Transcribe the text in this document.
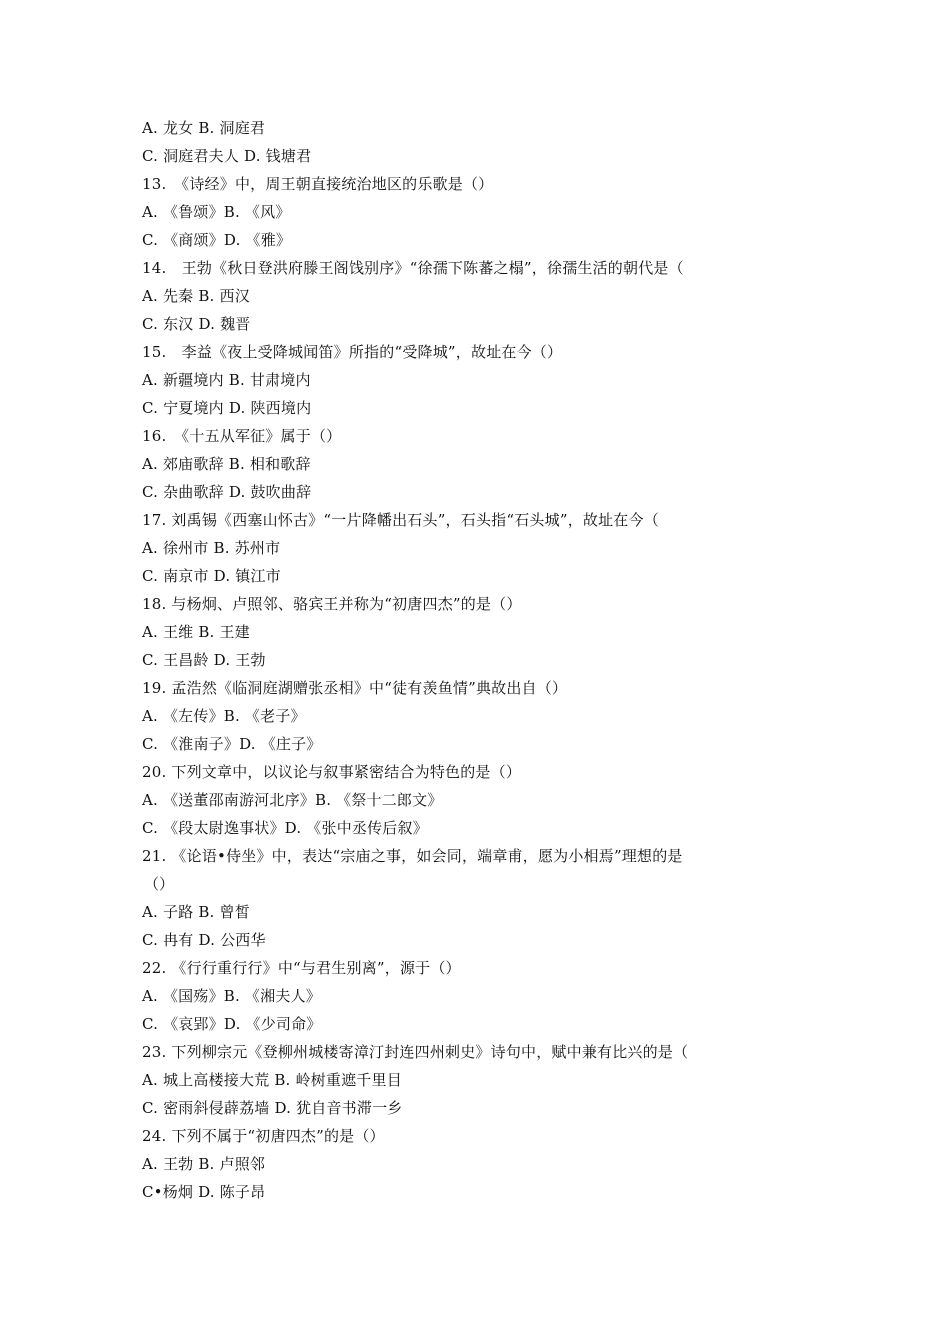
A. 龙女 B. 洞庭君
C. 洞庭君夫人 D. 钱塘君
13.　《诗经》中，周王朝直接统治地区的乐歌是（）
A. 《鲁颂》B. 《风》
C. 《商颂》D. 《雅》
14.　王勃《秋日登洪府滕王阁饯别序》“徐孺下陈蕃之榻”，徐孺生活的朝代是（
A. 先秦 B. 西汉
C. 东汉 D. 魏晋
15.　李益《夜上受降城闻笛》所指的“受降城”，故址在今（）
A. 新疆境内 B. 甘肃境内
C. 宁夏境内 D. 陕西境内
16.　《十五从军征》属于（）
A. 郊庙歌辞 B. 相和歌辞
C. 杂曲歌辞 D. 鼓吹曲辞
17. 刘禹锡《西塞山怀古》“一片降幡出石头”，石头指“石头城”，故址在今（
A. 徐州市 B. 苏州市
C. 南京市 D. 镇江市
18. 与杨炯、卢照邻、骆宾王并称为“初唐四杰”的是（）
A. 王维 B. 王建
C. 王昌龄 D. 王勃
19. 孟浩然《临洞庭湖赠张丞相》中“徒有羡鱼情”典故出自（）
A. 《左传》B. 《老子》
C. 《淮南子》D. 《庄子》
20. 下列文章中，以议论与叙事紧密结合为特色的是（）
A. 《送董邵南游河北序》B. 《祭十二郎文》
C. 《段太尉逸事状》D. 《张中丞传后叙》
21. 《论语•侍坐》中，表达“宗庙之事，如会同，端章甫，愿为小相焉”理想的是
（）
A. 子路 B. 曾皙
C. 冉有 D. 公西华
22. 《行行重行行》中“与君生别离”，源于（）
A. 《国殇》B. 《湘夫人》
C. 《哀郢》D. 《少司命》
23. 下列柳宗元《登柳州城楼寄漳汀封连四州刺史》诗句中，赋中兼有比兴的是（
A. 城上高楼接大荒 B. 岭树重遮千里目
C. 密雨斜侵薜荔墙 D. 犹自音书滞一乡
24. 下列不属于“初唐四杰”的是（）
A. 王勃 B. 卢照邻
C•杨炯 D. 陈子昂
